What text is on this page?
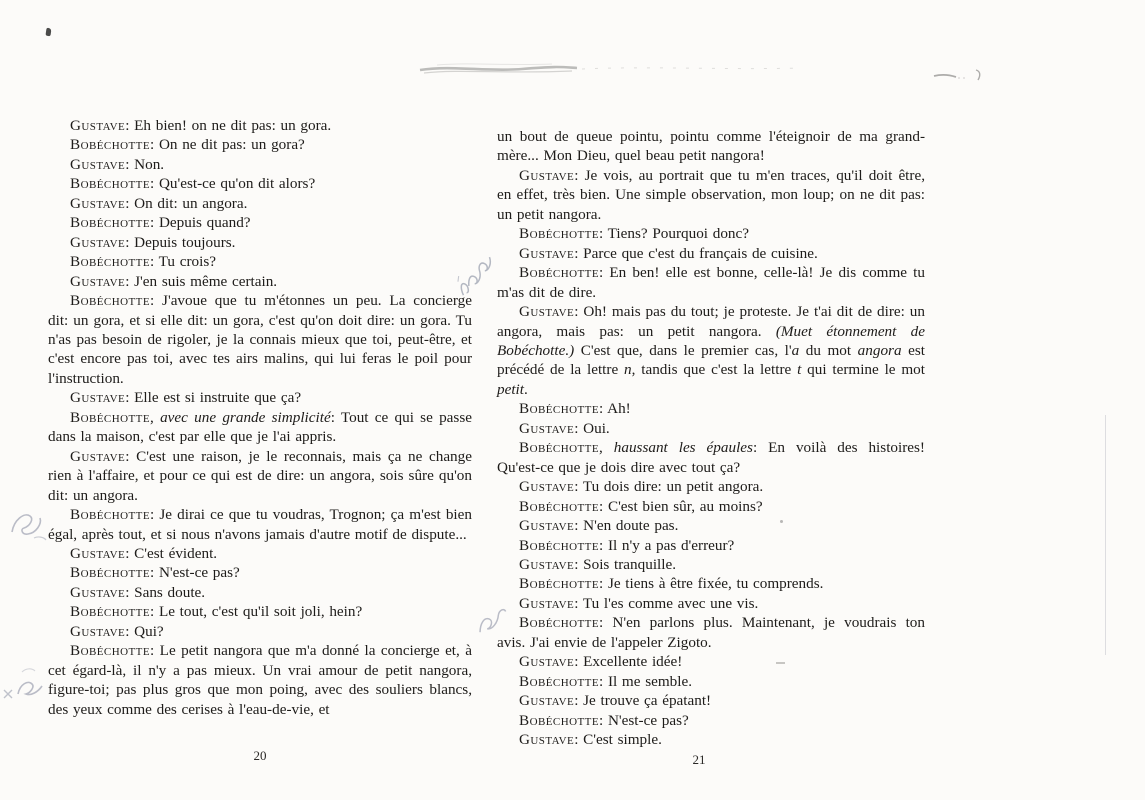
Gustave: Eh bien! on ne dit pas: un gora.

Bobéchotte: On ne dit pas: un gora?

Gustave: Non.

Bobéchotte: Qu'est-ce qu'on dit alors?

Gustave: On dit: un angora.

Bobéchotte: Depuis quand?

Gustave: Depuis toujours.

Bobéchotte: Tu crois?

Gustave: J'en suis même certain.

Bobéchotte: J'avoue que tu m'étonnes un peu. La concierge dit: un gora, et si elle dit: un gora, c'est qu'on doit dire: un gora. Tu n'as pas besoin de rigoler, je la connais mieux que toi, peut-être, et c'est encore pas toi, avec tes airs malins, qui lui feras le poil pour l'instruction.

Gustave: Elle est si instruite que ça?

Bobéchotte, avec une grande simplicité: Tout ce qui se passe dans la maison, c'est par elle que je l'ai appris.

Gustave: C'est une raison, je le reconnais, mais ça ne change rien à l'affaire, et pour ce qui est de dire: un angora, sois sûre qu'on dit: un angora.

Bobéchotte: Je dirai ce que tu voudras, Trognon; ça m'est bien égal, après tout, et si nous n'avons jamais d'autre motif de dispute...

Gustave: C'est évident.

Bobéchotte: N'est-ce pas?

Gustave: Sans doute.

Bobéchotte: Le tout, c'est qu'il soit joli, hein?

Gustave: Qui?

Bobéchotte: Le petit nangora que m'a donné la concierge et, à cet égard-là, il n'y a pas mieux. Un vrai amour de petit nangora, figure-toi; pas plus gros que mon poing, avec des souliers blancs, des yeux comme des cerises à l'eau-de-vie, et

un bout de queue pointu, pointu comme l'éteignoir de ma grand-mère... Mon Dieu, quel beau petit nangora!

Gustave: Je vois, au portrait que tu m'en traces, qu'il doit être, en effet, très bien. Une simple observation, mon loup; on ne dit pas: un petit nangora.

Bobéchotte: Tiens? Pourquoi donc?

Gustave: Parce que c'est du français de cuisine.

Bobéchotte: En ben! elle est bonne, celle-là! Je dis comme tu m'as dit de dire.

Gustave: Oh! mais pas du tout; je proteste. Je t'ai dit de dire: un angora, mais pas: un petit nangora. (Muet étonnement de Bobéchotte.) C'est que, dans le premier cas, l'a du mot angora est précédé de la lettre n, tandis que c'est la lettre t qui termine le mot petit.

Bobéchotte: Ah!

Gustave: Oui.

Bobéchotte, haussant les épaules: En voilà des histoires! Qu'est-ce que je dois dire avec tout ça?

Gustave: Tu dois dire: un petit angora.

Bobéchotte: C'est bien sûr, au moins?

Gustave: N'en doute pas.

Bobéchotte: Il n'y a pas d'erreur?

Gustave: Sois tranquille.

Bobéchotte: Je tiens à être fixée, tu comprends.

Gustave: Tu l'es comme avec une vis.

Bobéchotte: N'en parlons plus. Maintenant, je voudrais ton avis. J'ai envie de l'appeler Zigoto.

Gustave: Excellente idée!

Bobéchotte: Il me semble.

Gustave: Je trouve ça épatant!

Bobéchotte: N'est-ce pas?

Gustave: C'est simple.

20	21
